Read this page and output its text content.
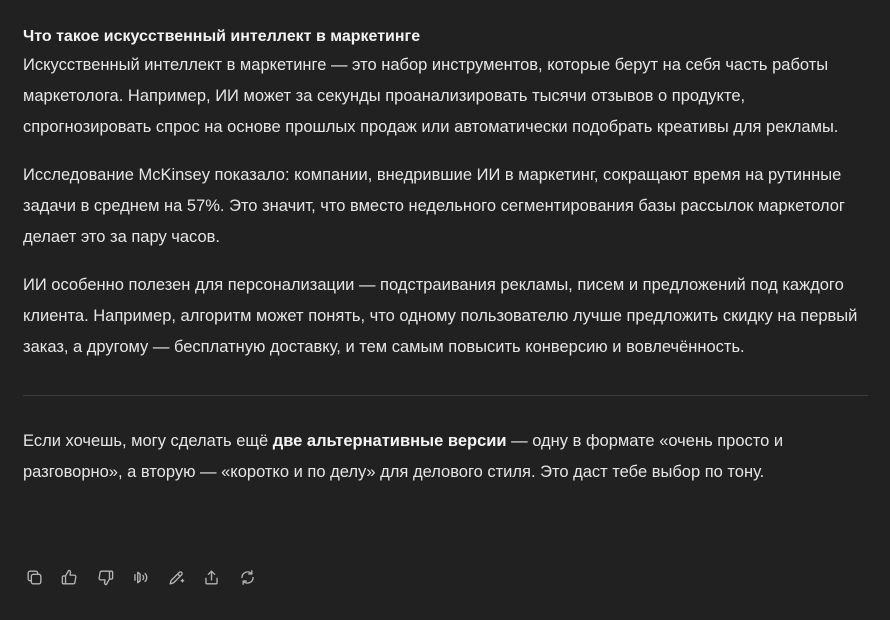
Что такое искусственный интеллект в маркетинге

Искусственный интеллект в маркетинге — это набор инструментов, которые берут на себя часть работы маркетолога. Например, ИИ может за секунды проанализировать тысячи отзывов о продукте, спрогнозировать спрос на основе прошлых продаж или автоматически подобрать креативы для рекламы.

Исследование McKinsey показало: компании, внедрившие ИИ в маркетинг, сокращают время на рутинные задачи в среднем на 57%. Это значит, что вместо недельного сегментирования базы рассылок маркетолог делает это за пару часов.

ИИ особенно полезен для персонализации — подстраивания рекламы, писем и предложений под каждого клиента. Например, алгоритм может понять, что одному пользователю лучше предложить скидку на первый заказ, а другому — бесплатную доставку, и тем самым повысить конверсию и вовлечённость.

Если хочешь, могу сделать ещё две альтернативные версии — одну в формате «очень просто и разговорно», а вторую — «коротко и по делу» для делового стиля. Это даст тебе выбор по тону.
